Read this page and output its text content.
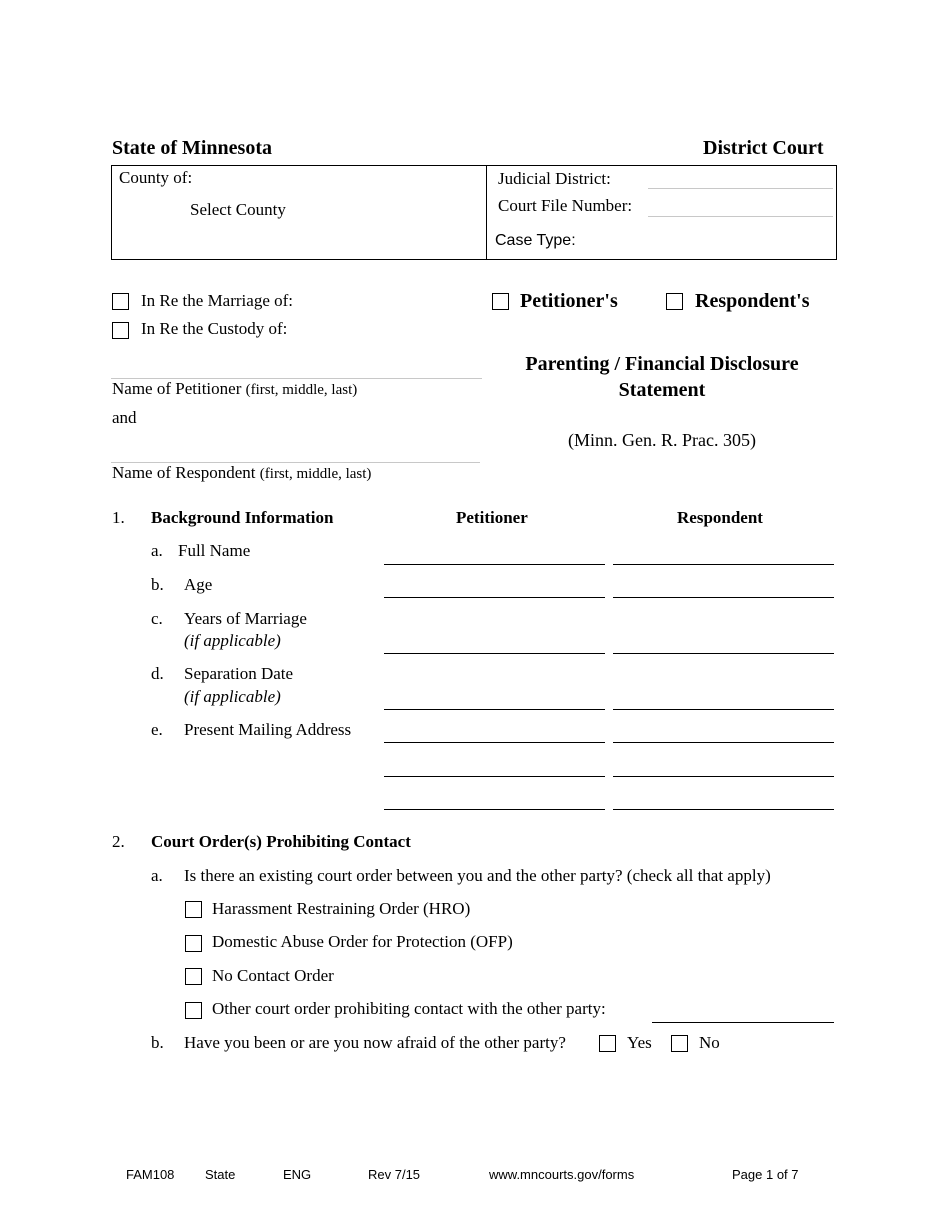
State of Minnesota	District Court
County of:
Select County
Judicial District:
Court File Number:
Case Type:
In Re the Marriage of:
In Re the Custody of:
Name of Petitioner (first, middle, last)
and
Name of Respondent (first, middle, last)
Petitioner's	Respondent's
Parenting / Financial Disclosure
Statement
(Minn. Gen. R. Prac. 305)
1. Background Information	Petitioner	Respondent
a. Full Name
b. Age
c. Years of Marriage
(if applicable)
d. Separation Date
(if applicable)
e. Present Mailing Address
2. Court Order(s) Prohibiting Contact
a. Is there an existing court order between you and the other party? (check all that apply)
Harassment Restraining Order (HRO)
Domestic Abuse Order for Protection (OFP)
No Contact Order
Other court order prohibiting contact with the other party:
b. Have you been or are you now afraid of the other party?	Yes	No
FAM108 State	ENG	Rev 7/15	www.mncourts.gov/forms	Page 1 of 7
